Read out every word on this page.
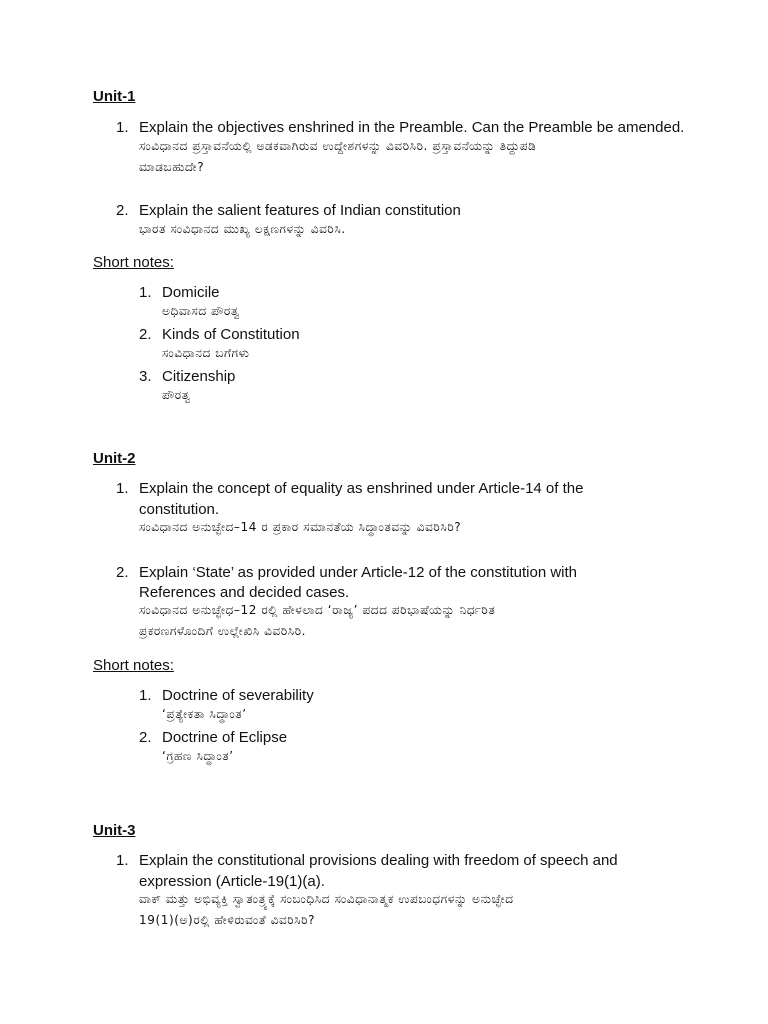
Unit-1
1. Explain the objectives enshrined in the Preamble. Can the Preamble be amended.
ಸಂವಿಧಾನದ ಪ್ರಸ್ತಾವನೆಯಲ್ಲಿ ಅಡಕವಾಗಿರುವ ಉದ್ದೇಶಗಳನ್ನು ವಿವರಿಸಿರಿ. ಪ್ರಸ್ತಾವನೆಯನ್ನು ತಿದ್ದುಪಡಿ
ಮಾಡಬಹುದೇ?
2. Explain the salient features of Indian constitution
ಭಾರತ ಸಂವಿಧಾನದ ಮುಖ್ಯ ಲಕ್ಷಣಗಳನ್ನು ವಿವರಿಸಿ.
Short notes:
1. Domicile
ಅಧಿವಾಸದ ಪೌರತ್ವ
2. Kinds of Constitution
ಸಂವಿಧಾನದ ಬಗೆಗಳು
3. Citizenship
ಪೌರತ್ವ
Unit-2
1. Explain the concept of equality as enshrined under Article-14 of the
constitution.
ಸಂವಿಧಾನದ ಅನುಚ್ಛೇದ–14 ರ ಪ್ರಕಾರ ಸಮಾನತೆಯ ಸಿದ್ಧಾಂತವನ್ನು ವಿವರಿಸಿರಿ?
2. Explain ‘State’ as provided under Article-12 of the constitution with
References and decided cases.
ಸಂವಿಧಾನದ ಅನುಚ್ಛೇಧ–12 ರಲ್ಲಿ ಹೇಳಲಾದ ‘ರಾಜ್ಯ’ ಪದದ ಪರಿಭಾಷೆಯನ್ನು ನಿರ್ಧರಿತ
ಪ್ರಕರಣಗಳೊಂದಿಗೆ ಉಲ್ಲೇಖಿಸಿ ವಿವರಿಸಿರಿ.
Short notes:
1. Doctrine of severability
‘ಪ್ರತ್ಯೇಕತಾ ಸಿದ್ಧಾಂತ’
2. Doctrine of Eclipse
‘ಗ್ರಹಣ ಸಿದ್ಧಾಂತ’
Unit-3
1. Explain the constitutional provisions dealing with freedom of speech and
expression (Article-19(1)(a).
ವಾಕ್ ಮತ್ತು ಅಭಿವ್ಯಕ್ತಿ ಸ್ವಾತಂತ್ರ್ಯಕ್ಕೆ ಸಂಬಂಧಿಸಿದ ಸಂವಿಧಾನಾತ್ಮಕ ಉಪಬಂಧಗಳನ್ನು ಅನುಚ್ಛೇದ
19(1)(ಅ)ರಲ್ಲಿ ಹೇಳಿರುವಂತೆ ವಿವರಿಸಿರಿ?
